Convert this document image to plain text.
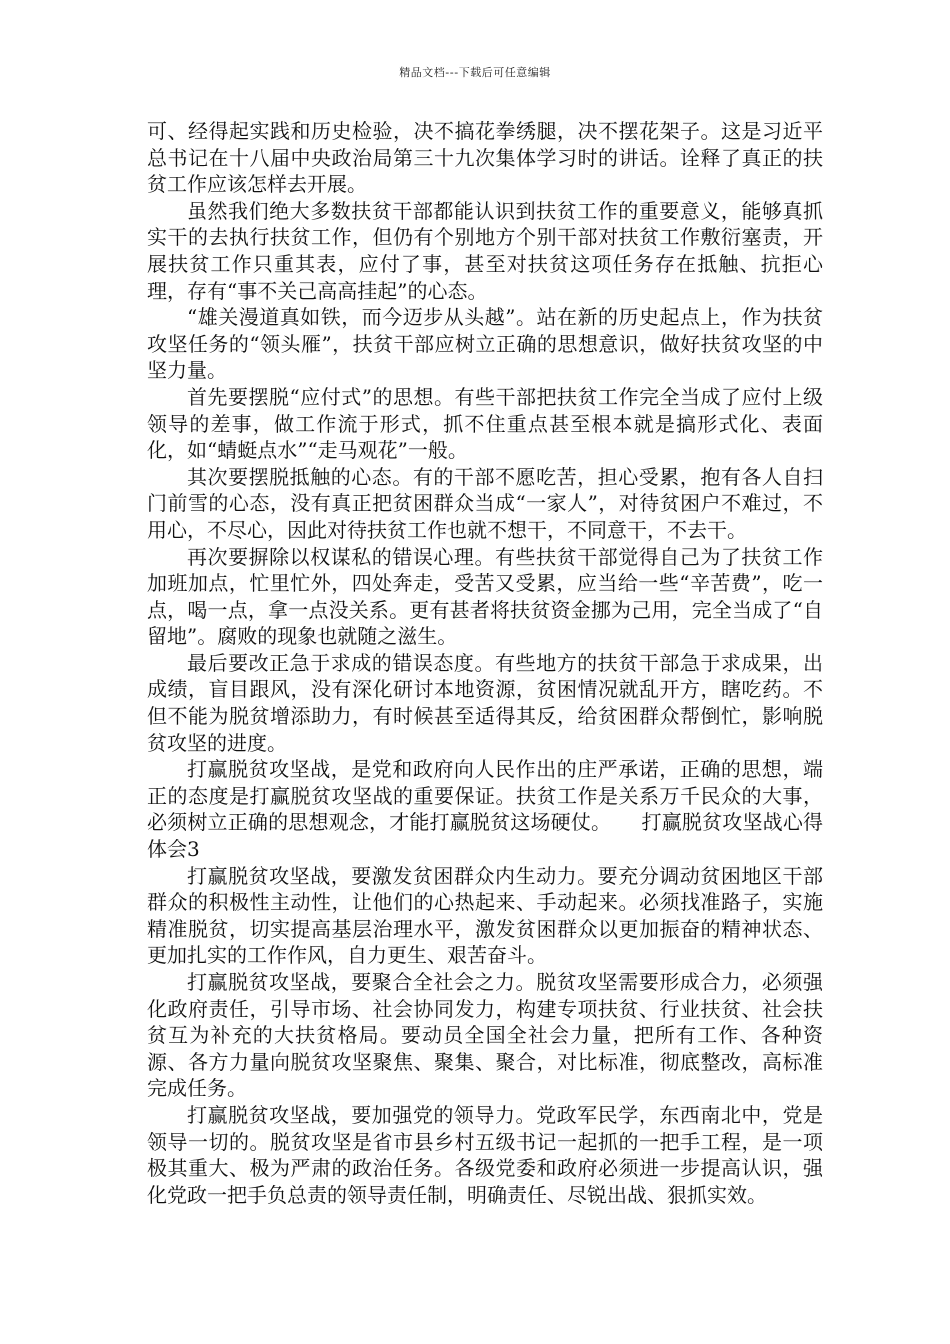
精品文档---下载后可任意编辑

可、经得起实践和历史检验，决不搞花拳绣腿，决不摆花架子。这是习近平总书记在十八届中央政治局第三十九次集体学习时的讲话。诠释了真正的扶贫工作应该怎样去开展。

虽然我们绝大多数扶贫干部都能认识到扶贫工作的重要意义，能够真抓实干的去执行扶贫工作，但仍有个别地方个别干部对扶贫工作敷衍塞责，开展扶贫工作只重其表，应付了事，甚至对扶贫这项任务存在抵触、抗拒心理，存有“事不关己高高挂起”的心态。

“雄关漫道真如铁，而今迈步从头越”。站在新的历史起点上，作为扶贫攻坚任务的“领头雁”，扶贫干部应树立正确的思想意识，做好扶贫攻坚的中坚力量。

首先要摆脱“应付式”的思想。有些干部把扶贫工作完全当成了应付上级领导的差事，做工作流于形式，抓不住重点甚至根本就是搞形式化、表面化，如“蜻蜓点水”“走马观花”一般。

其次要摆脱抵触的心态。有的干部不愿吃苦，担心受累，抱有各人自扫门前雪的心态，没有真正把贫困群众当成“一家人”，对待贫困户不难过，不用心，不尽心，因此对待扶贫工作也就不想干，不同意干，不去干。

再次要摒除以权谋私的错误心理。有些扶贫干部觉得自己为了扶贫工作加班加点，忙里忙外，四处奔走，受苦又受累，应当给一些“辛苦费”，吃一点，喝一点，拿一点没关系。更有甚者将扶贫资金挪为己用，完全当成了“自留地”。腐败的现象也就随之滋生。

最后要改正急于求成的错误态度。有些地方的扶贫干部急于求成果，出成绩，盲目跟风，没有深化研讨本地资源，贫困情况就乱开方，瞎吃药。不但不能为脱贫增添助力，有时候甚至适得其反，给贫困群众帮倒忙，影响脱贫攻坚的进度。

打赢脱贫攻坚战，是党和政府向人民作出的庄严承诺，正确的思想，端正的态度是打赢脱贫攻坚战的重要保证。扶贫工作是关系万千民众的大事，必须树立正确的思想观念，才能打赢脱贫这场硬仗。　　打赢脱贫攻坚战心得体会3

打赢脱贫攻坚战，要激发贫困群众内生动力。要充分调动贫困地区干部群众的积极性主动性，让他们的心热起来、手动起来。必须找准路子，实施精准脱贫，切实提高基层治理水平，激发贫困群众以更加振奋的精神状态、更加扎实的工作作风，自力更生、艰苦奋斗。

打赢脱贫攻坚战，要聚合全社会之力。脱贫攻坚需要形成合力，必须强化政府责任，引导市场、社会协同发力，构建专项扶贫、行业扶贫、社会扶贫互为补充的大扶贫格局。要动员全国全社会力量，把所有工作、各种资源、各方力量向脱贫攻坚聚焦、聚集、聚合，对比标准，彻底整改，高标准完成任务。

打赢脱贫攻坚战，要加强党的领导力。党政军民学，东西南北中，党是领导一切的。脱贫攻坚是省市县乡村五级书记一起抓的一把手工程，是一项极其重大、极为严肃的政治任务。各级党委和政府必须进一步提高认识，强化党政一把手负总责的领导责任制，明确责任、尽锐出战、狠抓实效。
